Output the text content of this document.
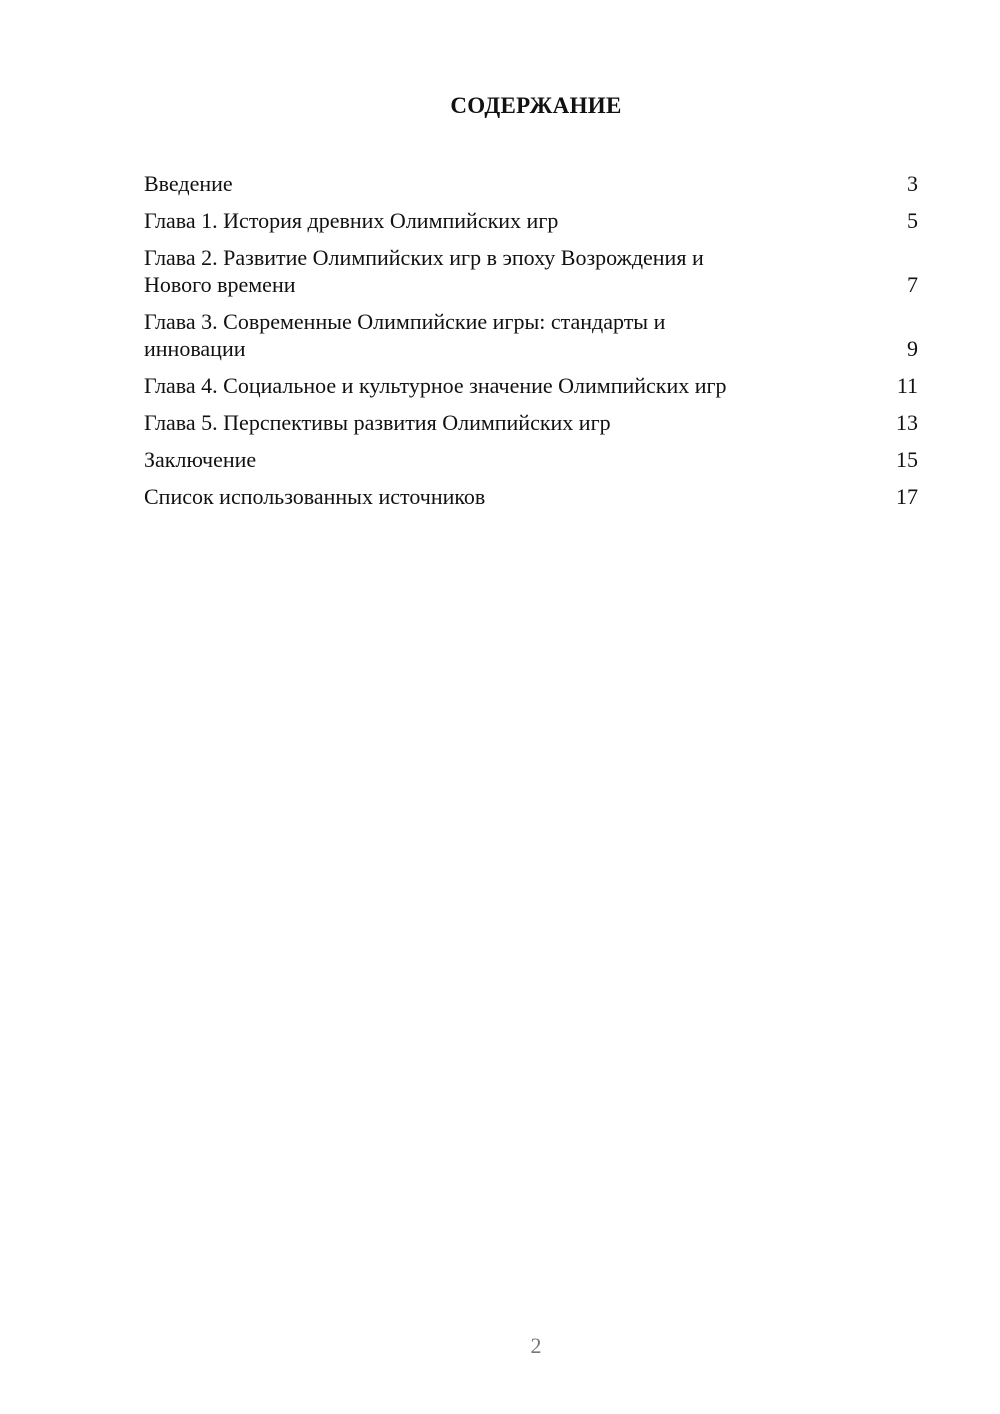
СОДЕРЖАНИЕ
Введение	3
Глава 1. История древних Олимпийских игр	5
Глава 2. Развитие Олимпийских игр в эпоху Возрождения и
Нового времени	7
Глава 3. Современные Олимпийские игры: стандарты и
инновации	9
Глава 4. Социальное и культурное значение Олимпийских игр	11
Глава 5. Перспективы развития Олимпийских игр	13
Заключение	15
Список использованных источников	17
2
